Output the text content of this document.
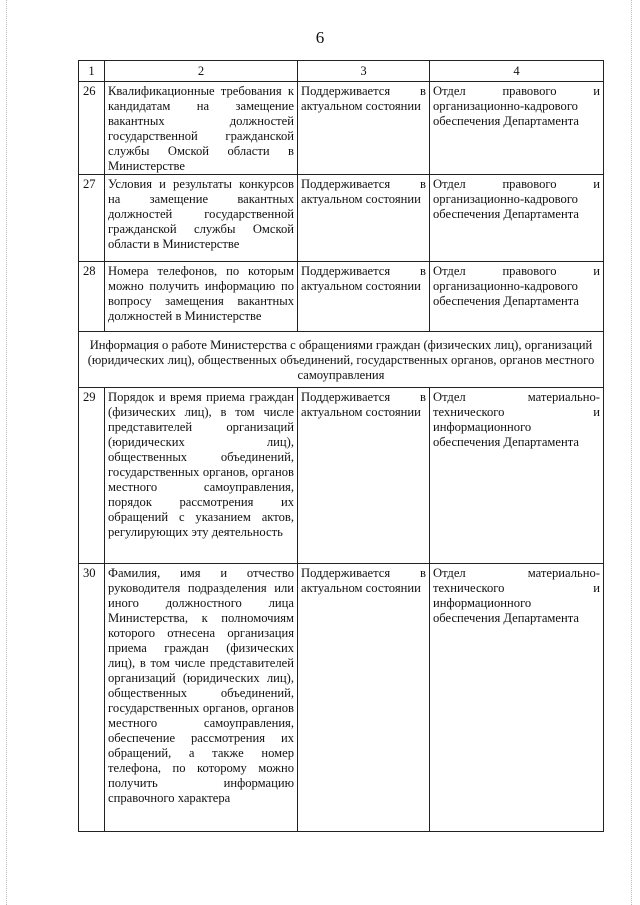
6
1	2	3	4
26	Квалификационные требования к кандидатам на замещение вакантных должностей государственной гражданской службы Омской области в Министерстве	Поддерживается в актуальном состоянии	Отдел правового и организационно-кадрового обеспечения Департамента
27	Условия и результаты конкурсов на замещение вакантных должностей государственной гражданской службы Омской области в Министерстве	Поддерживается в актуальном состоянии	Отдел правового и организационно-кадрового обеспечения Департамента
28	Номера телефонов, по которым можно получить информацию по вопросу замещения вакантных должностей в Министерстве	Поддерживается в актуальном состоянии	Отдел правового и организационно-кадрового обеспечения Департамента
Информация о работе Министерства с обращениями граждан (физических лиц), организаций (юридических лиц), общественных объединений, государственных органов, органов местного самоуправления			
29	Порядок и время приема граждан (физических лиц), в том числе представителей организаций (юридических лиц), общественных объединений, государственных органов, органов местного самоуправления, порядок рассмотрения их обращений с указанием актов, регулирующих эту деятельность	Поддерживается в актуальном состоянии	Отдел материально-технического и информационного обеспечения Департамента
30	Фамилия, имя и отчество руководителя подразделения или иного должностного лица Министерства, к полномочиям которого отнесена организация приема граждан (физических лиц), в том числе представителей организаций (юридических лиц), общественных объединений, государственных органов, органов местного самоуправления, обеспечение рассмотрения их обращений, а также номер телефона, по которому можно получить информацию справочного характера	Поддерживается в актуальном состоянии	Отдел материально-технического и информационного обеспечения Департамента
